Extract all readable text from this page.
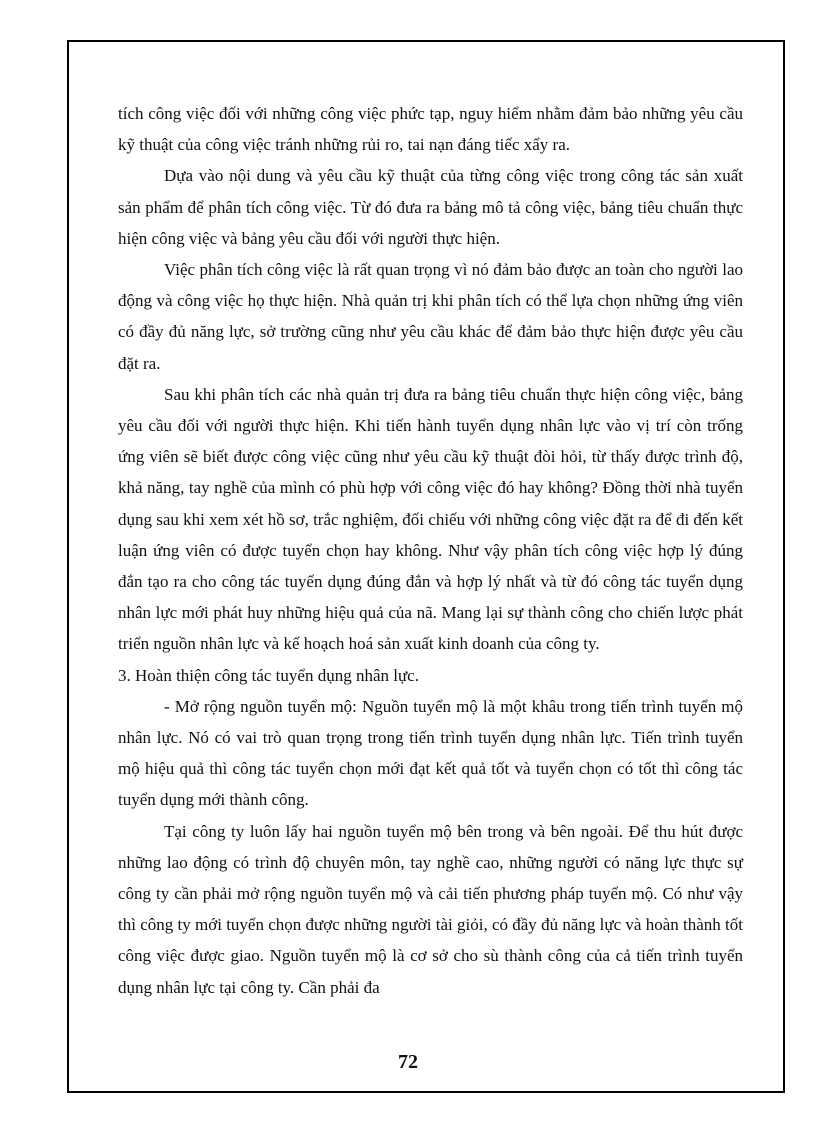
tích công việc đối với những công việc phức tạp, nguy hiểm nhằm đảm bảo những yêu cầu kỹ thuật của công việc tránh những rủi ro, tai nạn đáng tiếc xẩy ra.

Dựa vào nội dung và yêu cầu kỹ thuật của từng công việc trong công tác sản xuất sản phẩm để phân tích công việc. Từ đó đưa ra bảng mô tả công việc, bảng tiêu chuẩn thực hiện công việc và bảng yêu cầu đối với người thực hiện.

Việc phân tích công việc là rất quan trọng vì nó đảm bảo được an toàn cho người lao động và công việc họ thực hiện. Nhà quản trị khi phân tích có thể lựa chọn những ứng viên có đầy đủ năng lực, sở trường cũng như yêu cầu khác để đảm bảo thực hiện được yêu cầu đặt ra.

Sau khi phân tích các nhà quản trị đưa ra bảng tiêu chuẩn thực hiện công việc, bảng yêu cầu đối với người thực hiện. Khi tiến hành tuyển dụng nhân lực vào vị trí còn trống ứng viên sẽ biết được công việc cũng như yêu cầu kỹ thuật đòi hỏi, từ thấy được trình độ, khả năng, tay nghề của mình có phù hợp với công việc đó hay không? Đồng thời nhà tuyển dụng sau khi xem xét hồ sơ, trắc nghiệm, đối chiếu với những công việc đặt ra để đi đến kết luận ứng viên có được tuyển chọn hay không. Như vậy phân tích công việc hợp lý đúng đắn tạo ra cho công tác tuyển dụng đúng đắn và hợp lý nhất và từ đó công tác tuyển dụng nhân lực mới phát huy những hiệu quả của nã. Mang lại sự thành công cho chiến lược phát triển nguồn nhân lực và kế hoạch hoá sản xuất kinh doanh của công ty.

3. Hoàn thiện công tác tuyển dụng nhân lực.

- Mở rộng nguồn tuyển mộ: Nguồn tuyển mộ là một khâu trong tiến trình tuyển mộ nhân lực. Nó có vai trò quan trọng trong tiến trình tuyển dụng nhân lực. Tiến trình tuyển mộ hiệu quả thì công tác tuyển chọn mới đạt kết quả tốt và tuyển chọn có tốt thì công tác tuyển dụng mới thành công.

Tại công ty luôn lấy hai nguồn tuyển mộ bên trong và bên ngoài. Để thu hút được những lao động có trình độ chuyên môn, tay nghề cao, những người có năng lực thực sự công ty cần phải mở rộng nguồn tuyển mộ và cải tiến phương pháp tuyển mộ. Có như vậy thì công ty mới tuyển chọn được những người tài giỏi, có đầy đủ năng lực và hoàn thành tốt công việc được giao. Nguồn tuyển mộ là cơ sở cho sù thành công của cả tiến trình tuyển dụng nhân lực tại công ty. Cần phải đa

72
